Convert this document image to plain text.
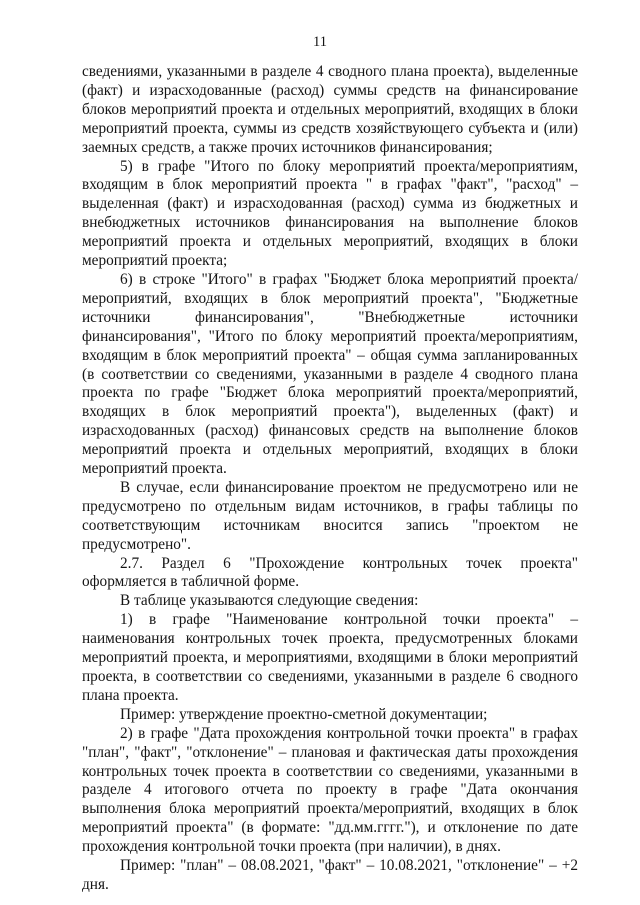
11

сведениями, указанными в разделе 4 сводного плана проекта), выделенные (факт) и израсходованные (расход) суммы средств на финансирование блоков мероприятий проекта и отдельных мероприятий, входящих в блоки мероприятий проекта, суммы из средств хозяйствующего субъекта и (или) заемных средств, а также прочих источников финансирования;

5) в графе "Итого по блоку мероприятий проекта/мероприятиям, входящим в блок мероприятий проекта " в графах "факт", "расход" – выделенная (факт) и израсходованная (расход) сумма из бюджетных и внебюджетных источников финансирования на выполнение блоков мероприятий проекта и отдельных мероприятий, входящих в блоки мероприятий проекта;

6) в строке "Итого" в графах "Бюджет блока мероприятий проекта/ мероприятий, входящих в блок мероприятий проекта", "Бюджетные источники финансирования", "Внебюджетные источники финансирования", "Итого по блоку мероприятий проекта/мероприятиям, входящим в блок мероприятий проекта" – общая сумма запланированных (в соответствии со сведениями, указанными в разделе 4 сводного плана проекта по графе "Бюджет блока мероприятий проекта/мероприятий, входящих в блок мероприятий проекта"), выделенных (факт) и израсходованных (расход) финансовых средств на выполнение блоков мероприятий проекта и отдельных мероприятий, входящих в блоки мероприятий проекта.

В случае, если финансирование проектом не предусмотрено или не предусмотрено по отдельным видам источников, в графы таблицы по соответствующим источникам вносится запись "проектом не предусмотрено".

2.7. Раздел 6 "Прохождение контрольных точек проекта" оформляется в табличной форме.

В таблице указываются следующие сведения:

1) в графе "Наименование контрольной точки проекта" – наименования контрольных точек проекта, предусмотренных блоками мероприятий проекта, и мероприятиями, входящими в блоки мероприятий проекта, в соответствии со сведениями, указанными в разделе 6 сводного плана проекта.

Пример: утверждение проектно-сметной документации;

2) в графе "Дата прохождения контрольной точки проекта" в графах "план", "факт", "отклонение" – плановая и фактическая даты прохождения контрольных точек проекта в соответствии со сведениями, указанными в разделе 4 итогового отчета по проекту в графе "Дата окончания выполнения блока мероприятий проекта/мероприятий, входящих в блок мероприятий проекта" (в формате: "дд.мм.гггг."), и отклонение по дате прохождения контрольной точки проекта (при наличии), в днях.

Пример: "план" – 08.08.2021, "факт" – 10.08.2021, "отклонение" – +2 дня.
